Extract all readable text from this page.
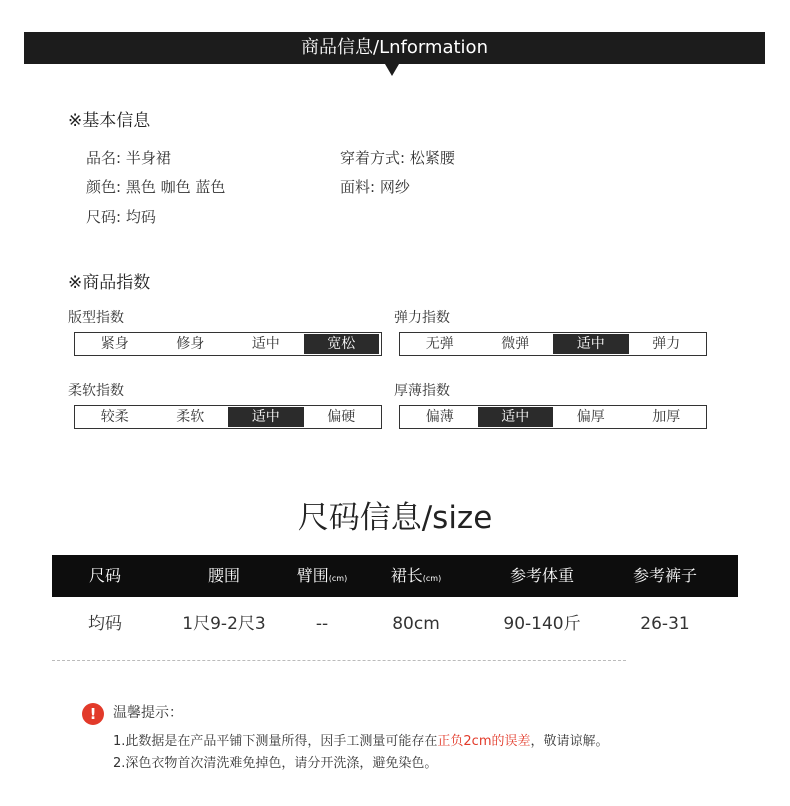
商品信息/Lnformation
※基本信息
品名: 半身裙
颜色: 黑色 咖色 蓝色
尺码: 均码
穿着方式: 松紧腰
面料: 网纱
※商品指数
版型指数
紧身	修身	适中	宽松
弹力指数
无弹	微弹	适中	弹力
柔软指数
较柔	柔软	适中	偏硬
厚薄指数
偏薄	适中	偏厚	加厚
尺码信息/size
尺码	腰围	臂围(cm)	裙长(cm)	参考体重	参考裤子
均码	1尺9-2尺3	--	80cm	90-140斤	26-31
!	温馨提示：
1.此数据是在产品平铺下测量所得，因手工测量可能存在正负2cm的误差，敬请谅解。
2.深色衣物首次清洗难免掉色，请分开洗涤，避免染色。
